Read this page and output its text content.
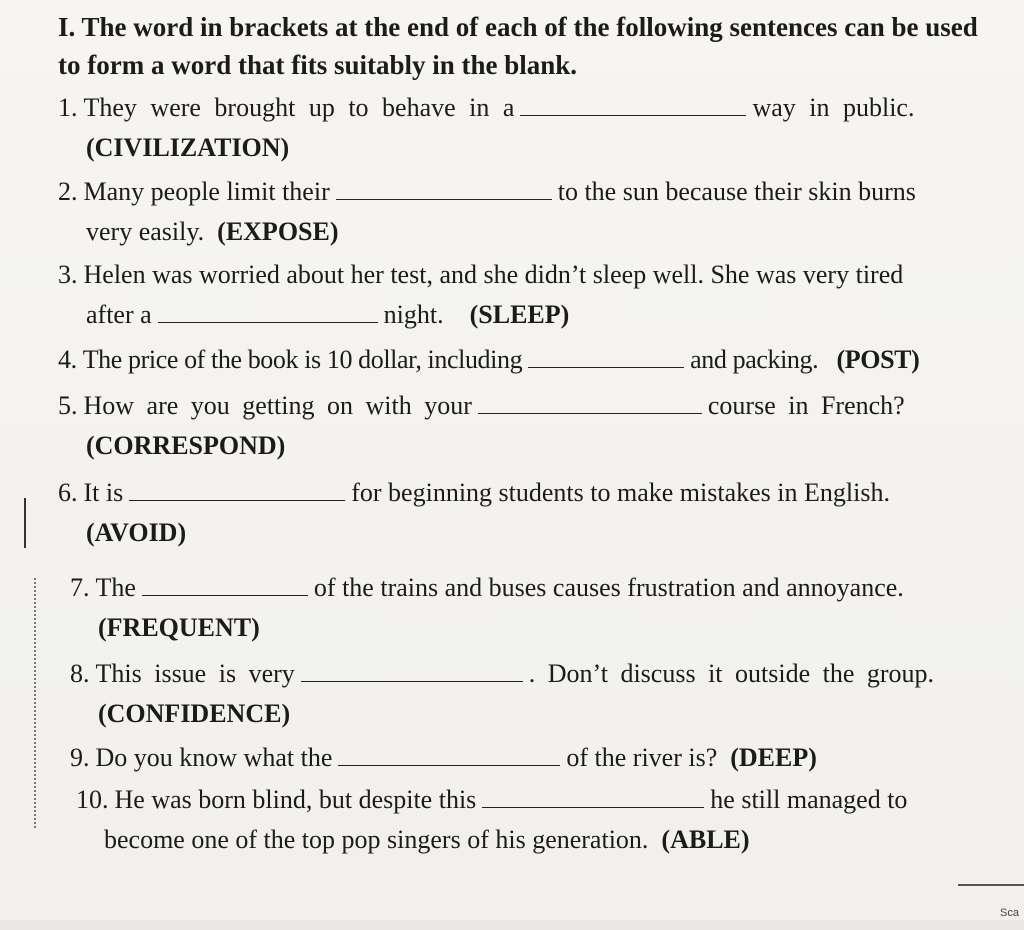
I. The word in brackets at the end of each of the following sentences can be used
to form a word that fits suitably in the blank.
1. They were brought up to behave in a	way in public.
(CIVILIZATION)
2. Many people limit their	to the sun because their skin burns
very easily. (EXPOSE)
3. Helen was worried about her test, and she didn’t sleep well. She was very tired
after a	night. (SLEEP)
4. The price of the book is 10 dollar, including	and packing. (POST)
5. How are you getting on with your	course in French?
(CORRESPOND)
6. It is	for beginning students to make mistakes in English.
(AVOID)
7. The	of the trains and buses causes frustration and annoyance.
(FREQUENT)
8. This issue is very	. Don’t discuss it outside the group.
(CONFIDENCE)
9. Do you know what the	of the river is? (DEEP)
10. He was born blind, but despite this	he still managed to
become one of the top pop singers of his generation. (ABLE)
Sca
